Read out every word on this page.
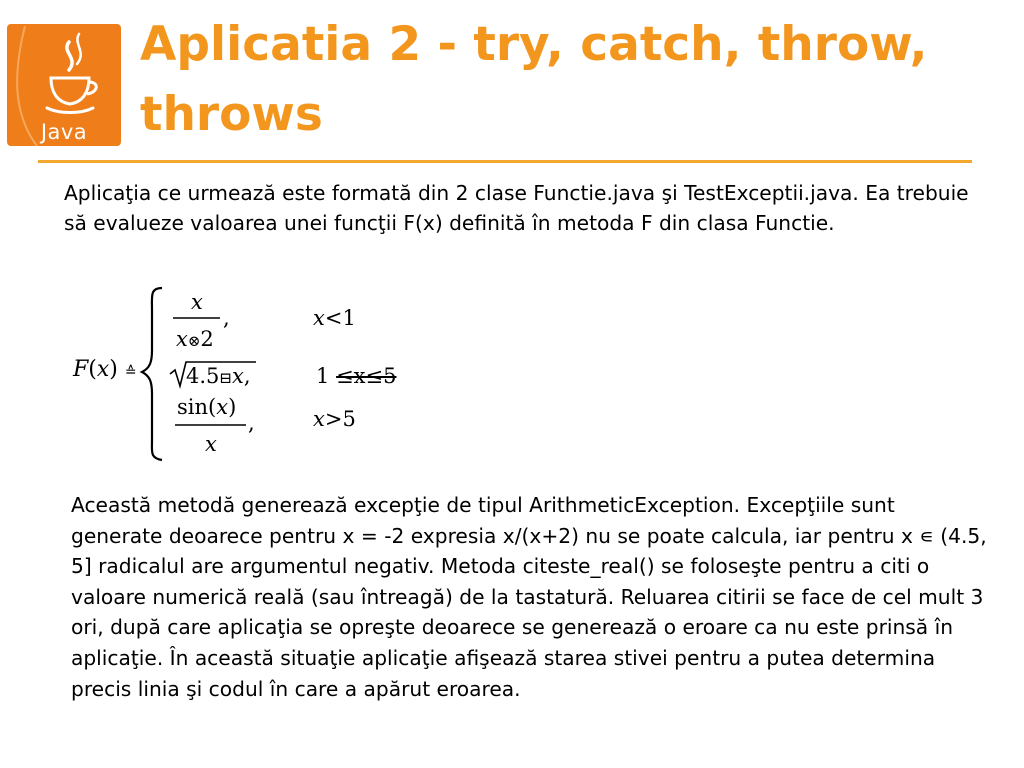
Java
Aplicatia 2 - try, catch, throw, throws

Aplicaţia ce urmează este formată din 2 clase Functie.java şi TestExceptii.java. Ea trebuie să evalueze valoarea unei funcţii F(x) definită în metoda F din clasa Functie.

F(x) ≙
x
x⊗2
,	x<1
4.5⊟x,	1 ≤x≤5
sin(x)
x
,	x>5

Această metodă generează excepţie de tipul ArithmeticException. Excepţiile sunt generate deoarece pentru x = -2 expresia x/(x+2) nu se poate calcula, iar pentru x ∊ (4.5, 5] radicalul are argumentul negativ. Metoda citeste_real() se foloseşte pentru a citi o valoare numerică reală (sau întreagă) de la tastatură. Reluarea citirii se face de cel mult 3 ori, după care aplicaţia se opreşte deoarece se generează o eroare ca nu este prinsă în aplicaţie. În această situaţie aplicaţie afişează starea stivei pentru a putea determina precis linia şi codul în care a apărut eroarea.
